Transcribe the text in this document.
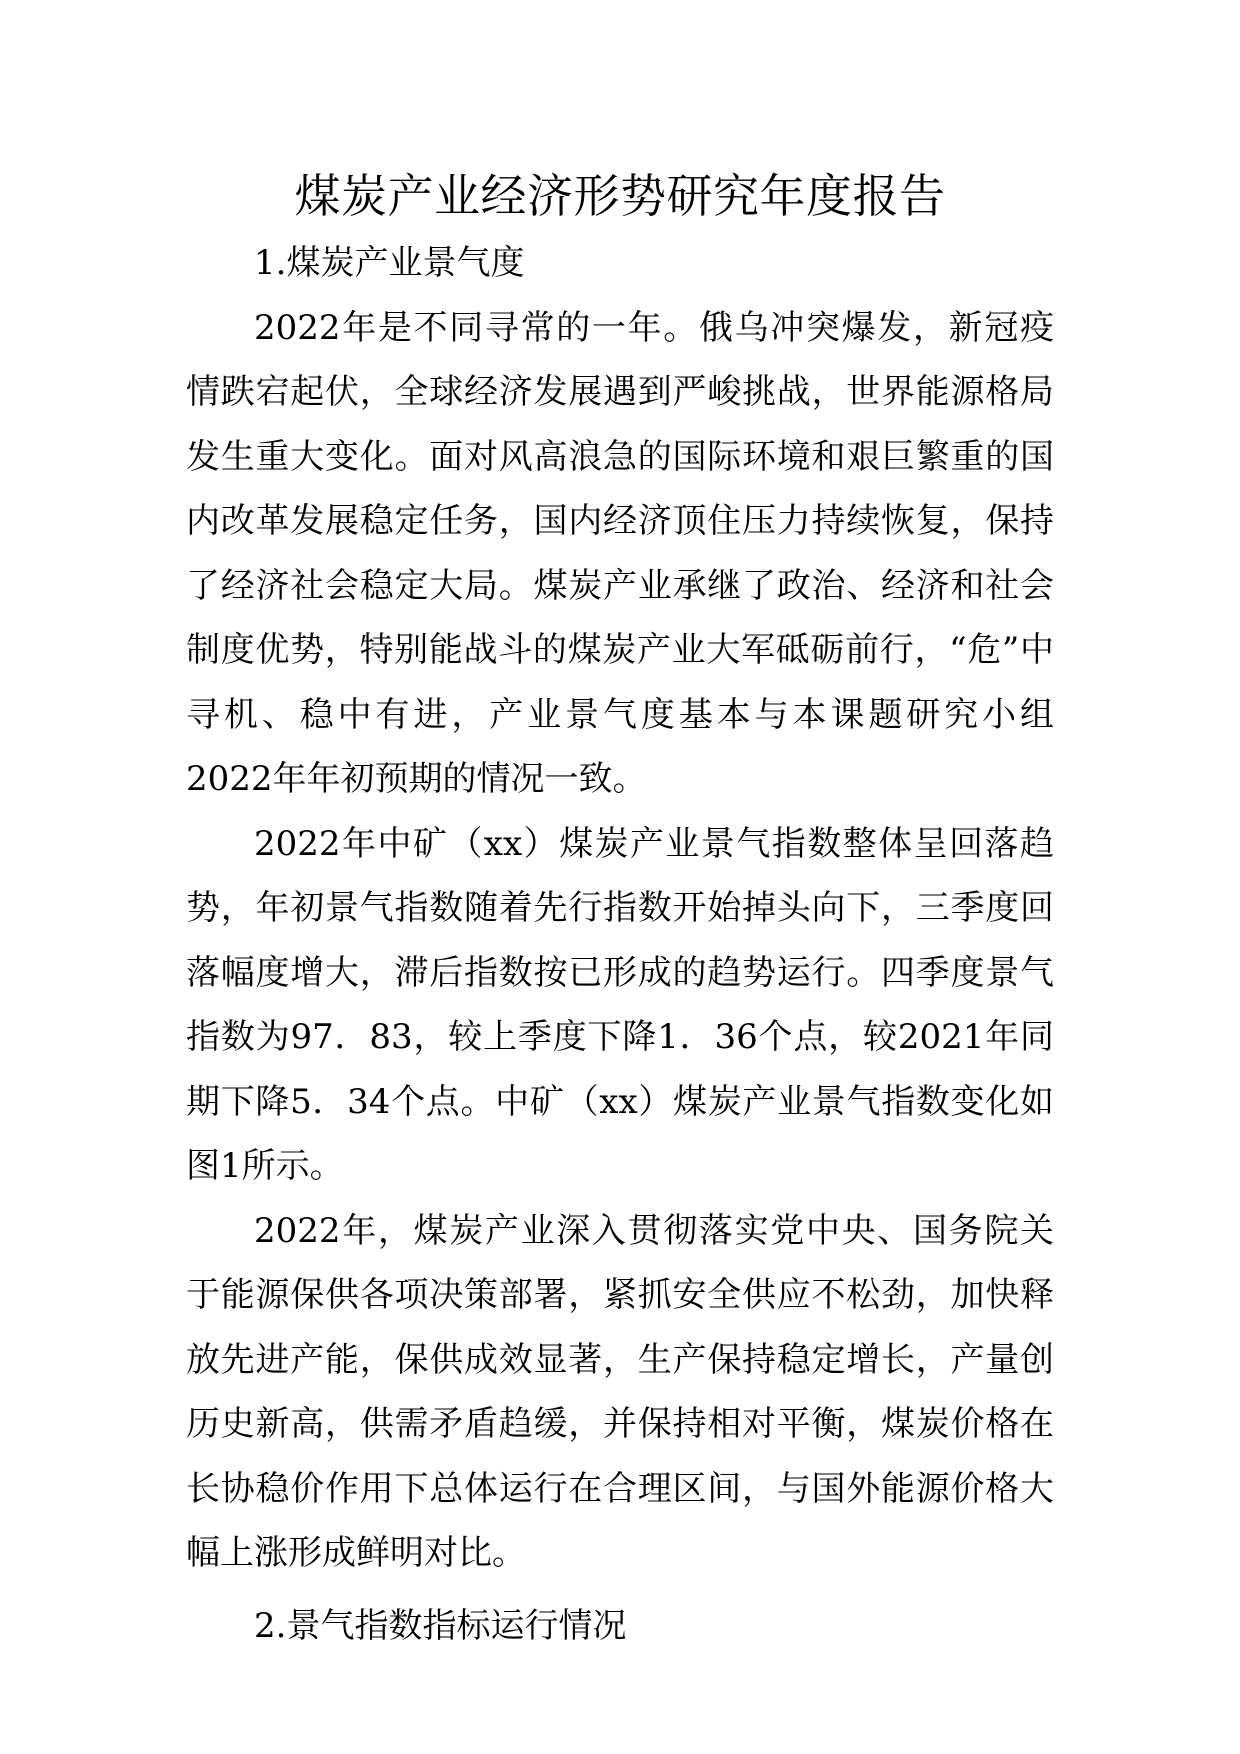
煤炭产业经济形势研究年度报告
1.煤炭产业景气度

2022年是不同寻常的一年。俄乌冲突爆发，新冠疫情跌宕起伏，全球经济发展遇到严峻挑战，世界能源格局发生重大变化。面对风高浪急的国际环境和艰巨繁重的国内改革发展稳定任务，国内经济顶住压力持续恢复，保持了经济社会稳定大局。煤炭产业承继了政治、经济和社会制度优势，特别能战斗的煤炭产业大军砥砺前行，“危”中寻机、稳中有进，产业景气度基本与本课题研究小组2022年年初预期的情况一致。

2022年中矿（xx）煤炭产业景气指数整体呈回落趋势，年初景气指数随着先行指数开始掉头向下，三季度回落幅度增大，滞后指数按已形成的趋势运行。四季度景气指数为97．83，较上季度下降1．36个点，较2021年同期下降5．34个点。中矿（xx）煤炭产业景气指数变化如图1所示。

2022年，煤炭产业深入贯彻落实党中央、国务院关于能源保供各项决策部署，紧抓安全供应不松劲，加快释放先进产能，保供成效显著，生产保持稳定增长，产量创历史新高，供需矛盾趋缓，并保持相对平衡，煤炭价格在长协稳价作用下总体运行在合理区间，与国外能源价格大幅上涨形成鲜明对比。

2.景气指数指标运行情况
